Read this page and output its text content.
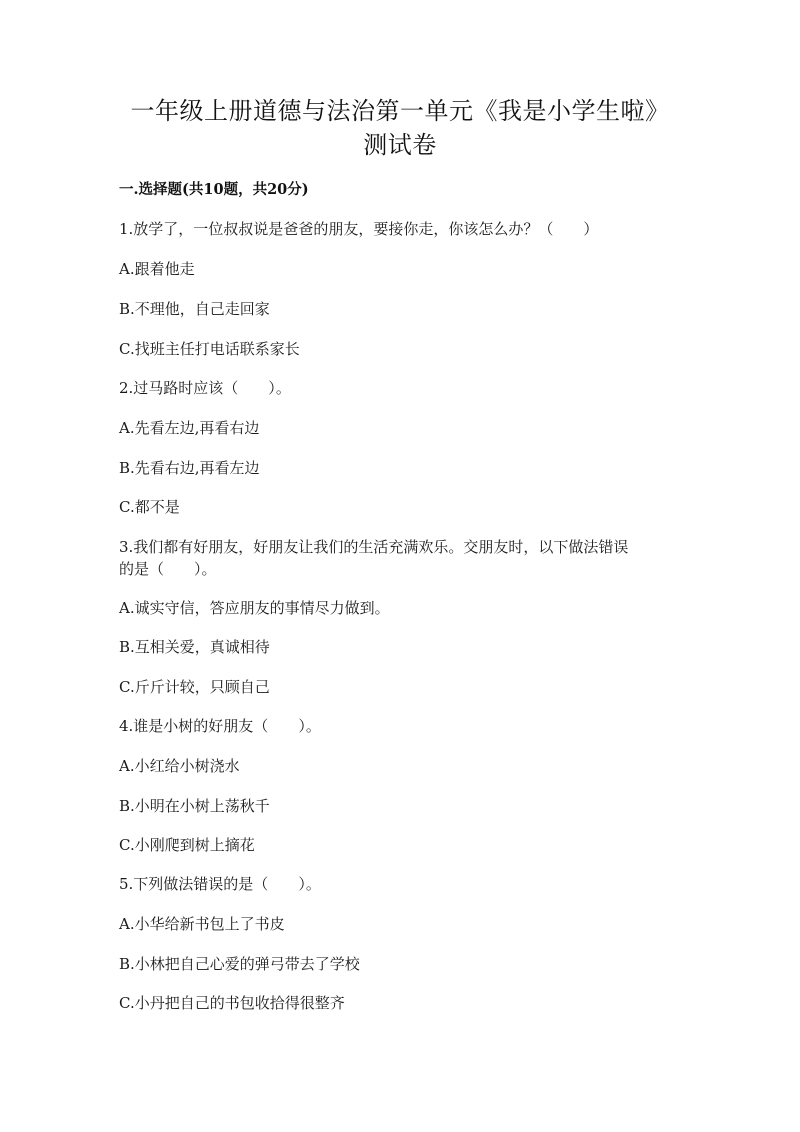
一年级上册道德与法治第一单元《我是小学生啦》
测试卷
一.选择题(共10题，共20分)
1.放学了，一位叔叔说是爸爸的朋友，要接你走，你该怎么办？（　　）
A.跟着他走
B.不理他，自己走回家
C.找班主任打电话联系家长
2.过马路时应该（　　）。
A.先看左边,再看右边
B.先看右边,再看左边
C.都不是
3.我们都有好朋友，好朋友让我们的生活充满欢乐。交朋友时，以下做法错误
的是（　　）。
A.诚实守信，答应朋友的事情尽力做到。
B.互相关爱，真诚相待
C.斤斤计较，只顾自己
4.谁是小树的好朋友（　　）。
A.小红给小树浇水
B.小明在小树上荡秋千
C.小刚爬到树上摘花
5.下列做法错误的是（　　）。
A.小华给新书包上了书皮
B.小林把自己心爱的弹弓带去了学校
C.小丹把自己的书包收拾得很整齐
